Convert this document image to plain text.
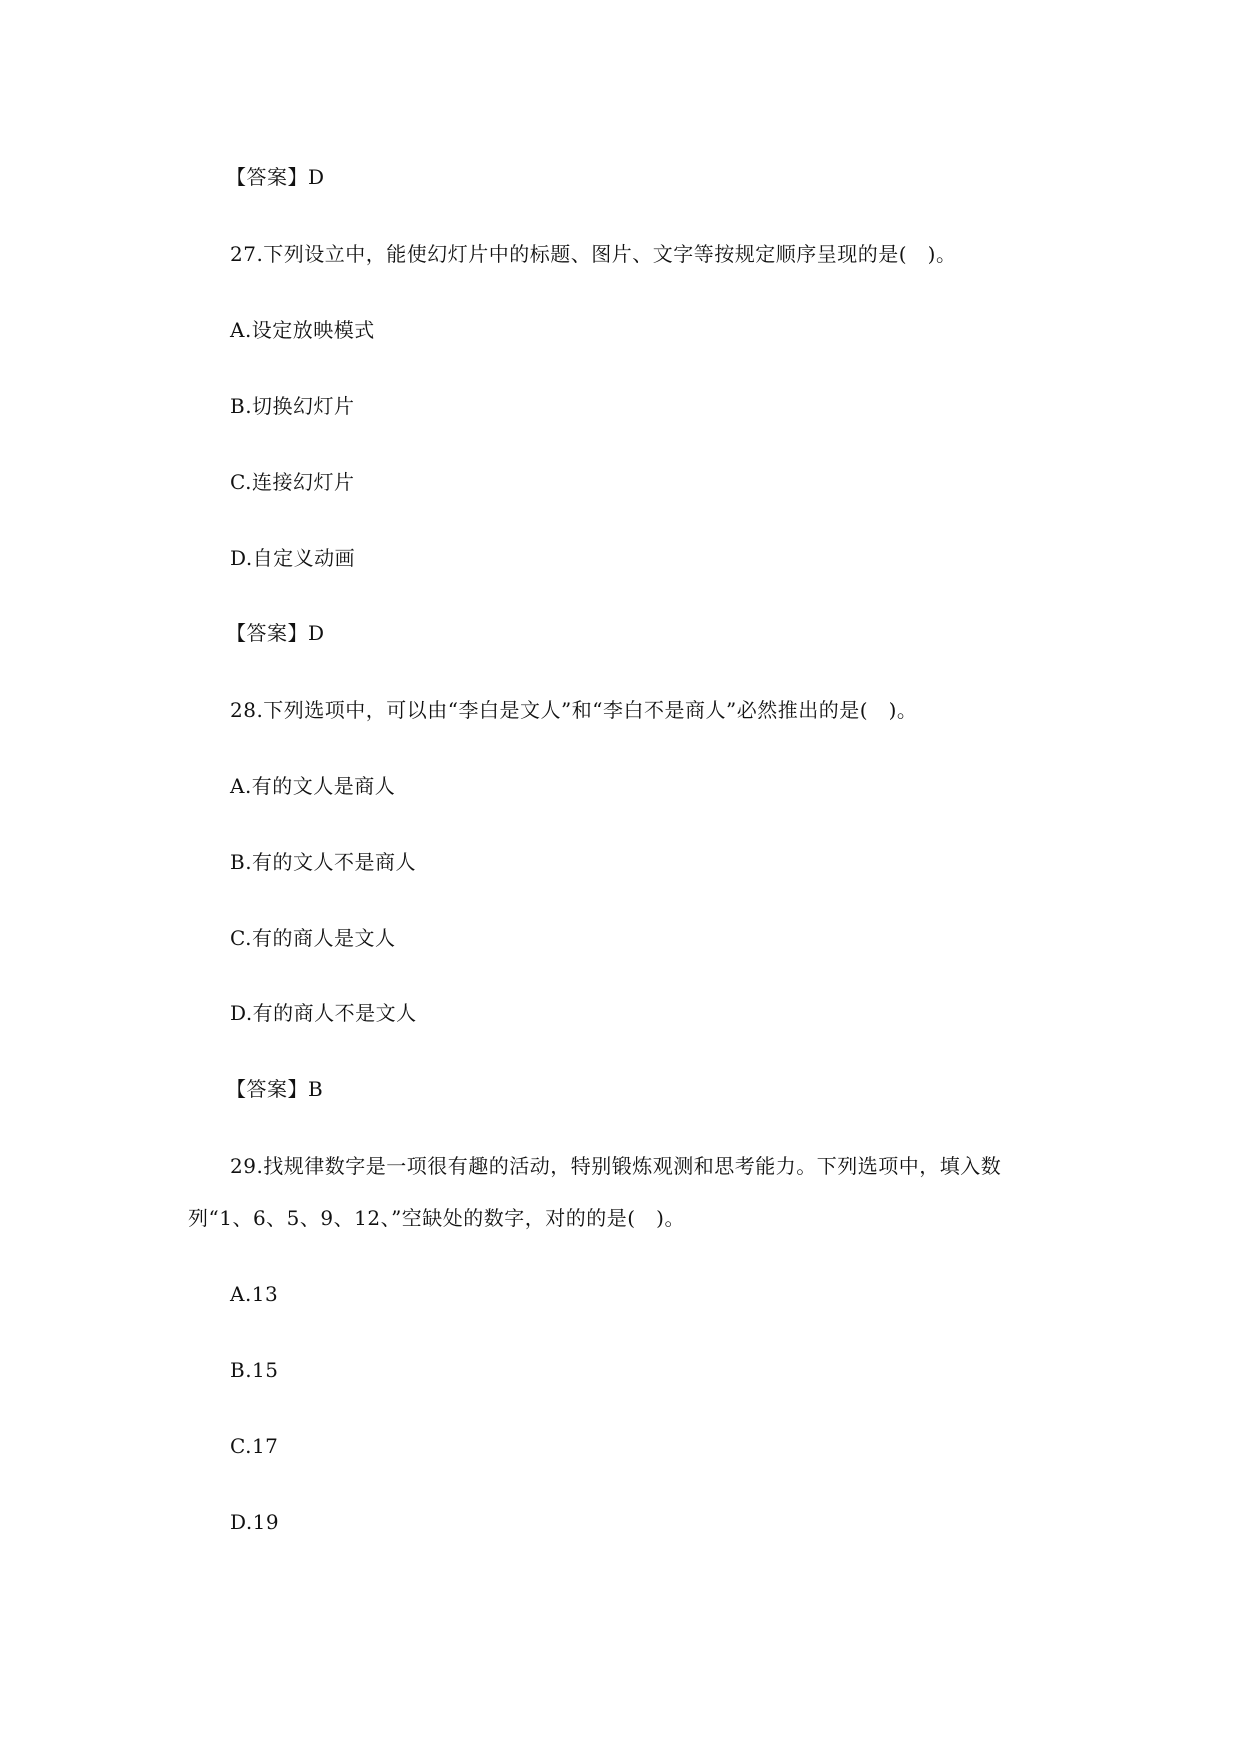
【答案】D
27.下列设立中，能使幻灯片中的标题、图片、文字等按规定顺序呈现的是(   )。
A.设定放映模式
B.切换幻灯片
C.连接幻灯片
D.自定义动画
【答案】D
28.下列选项中，可以由“李白是文人”和“李白不是商人”必然推出的是(   )。
A.有的文人是商人
B.有的文人不是商人
C.有的商人是文人
D.有的商人不是文人
【答案】B
29.找规律数字是一项很有趣的活动，特别锻炼观测和思考能力。下列选项中，填入数
列“1、6、5、9、12、”空缺处的数字，对的的是(   )。
A.13
B.15
C.17
D.19
